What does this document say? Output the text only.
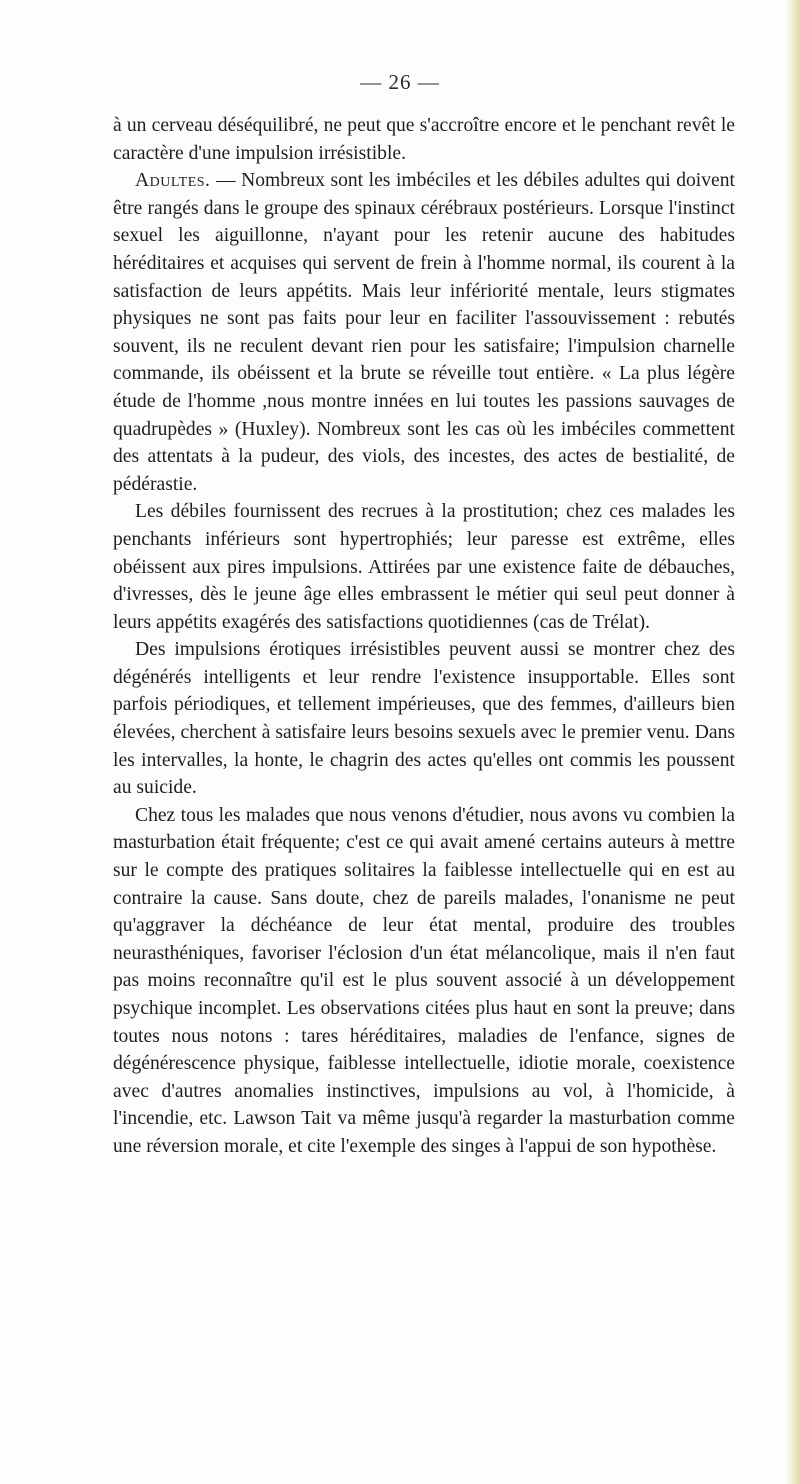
— 26 —

à un cerveau déséquilibré, ne peut que s'accroître encore et le penchant revêt le caractère d'une impulsion irrésistible.

Adultes. — Nombreux sont les imbéciles et les débiles adultes qui doivent être rangés dans le groupe des spinaux cérébraux postérieurs. Lorsque l'instinct sexuel les aiguillonne, n'ayant pour les retenir aucune des habitudes héréditaires et acquises qui servent de frein à l'homme normal, ils courent à la satisfaction de leurs appétits. Mais leur infériorité mentale, leurs stigmates physiques ne sont pas faits pour leur en faciliter l'assouvissement : rebutés souvent, ils ne reculent devant rien pour les satisfaire; l'impulsion charnelle commande, ils obéissent et la brute se réveille tout entière. « La plus légère étude de l'homme ,nous montre innées en lui toutes les passions sauvages de quadrupèdes » (Huxley). Nombreux sont les cas où les imbéciles commettent des attentats à la pudeur, des viols, des incestes, des actes de bestialité, de pédérastie.

Les débiles fournissent des recrues à la prostitution; chez ces malades les penchants inférieurs sont hypertrophiés; leur paresse est extrême, elles obéissent aux pires impulsions. Attirées par une existence faite de débauches, d'ivresses, dès le jeune âge elles embrassent le métier qui seul peut donner à leurs appétits exagérés des satisfactions quotidiennes (cas de Trélat).

Des impulsions érotiques irrésistibles peuvent aussi se montrer chez des dégénérés intelligents et leur rendre l'existence insupportable. Elles sont parfois périodiques, et tellement impérieuses, que des femmes, d'ailleurs bien élevées, cherchent à satisfaire leurs besoins sexuels avec le premier venu. Dans les intervalles, la honte, le chagrin des actes qu'elles ont commis les poussent au suicide.

Chez tous les malades que nous venons d'étudier, nous avons vu combien la masturbation était fréquente; c'est ce qui avait amené certains auteurs à mettre sur le compte des pratiques solitaires la faiblesse intellectuelle qui en est au contraire la cause. Sans doute, chez de pareils malades, l'onanisme ne peut qu'aggraver la déchéance de leur état mental, produire des troubles neurasthéniques, favoriser l'éclosion d'un état mélancolique, mais il n'en faut pas moins reconnaître qu'il est le plus souvent associé à un développement psychique incomplet. Les observations citées plus haut en sont la preuve; dans toutes nous notons : tares héréditaires, maladies de l'enfance, signes de dégénérescence physique, faiblesse intellectuelle, idiotie morale, coexistence avec d'autres anomalies instinctives, impulsions au vol, à l'homicide, à l'incendie, etc. Lawson Tait va même jusqu'à regarder la masturbation comme une réversion morale, et cite l'exemple des singes à l'appui de son hypothèse.
